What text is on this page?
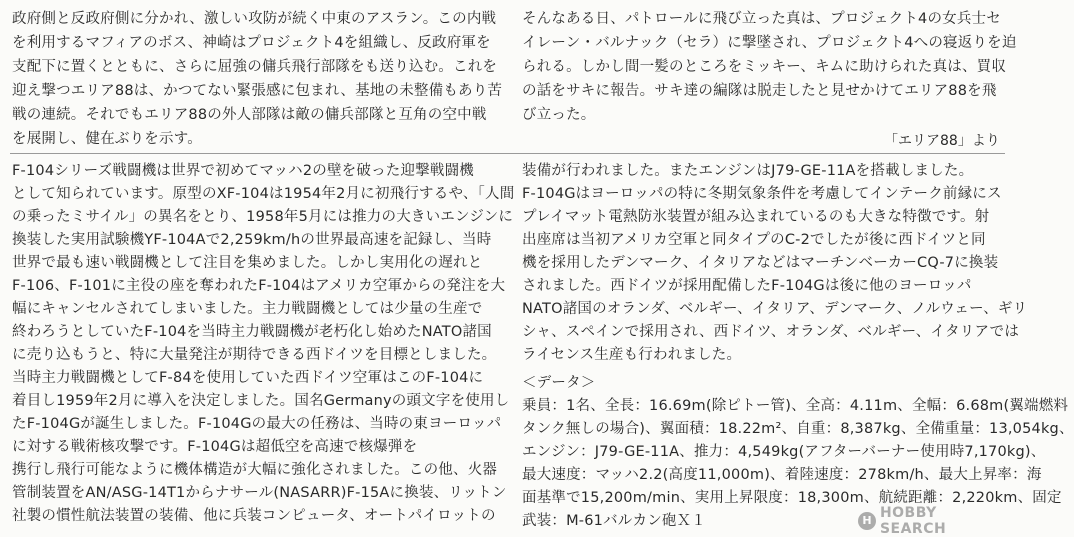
政府側と反政府側に分かれ、激しい攻防が続く中東のアスラン。この内戦
を利用するマフィアのボス、神崎はプロジェクト4を組織し、反政府軍を
支配下に置くとともに、さらに屈強の傭兵飛行部隊をも送り込む。これを
迎え撃つエリア88は、かつてない緊張感に包まれ、基地の未整備もあり苦
戦の連続。それでもエリア88の外人部隊は敵の傭兵部隊と互角の空中戦
を展開し、健在ぶりを示す。
そんなある日、パトロールに飛び立った真は、プロジェクト4の女兵士セ
イレーン・バルナック（セラ）に撃墜され、プロジェクト4への寝返りを迫
られる。しかし間一髪のところをミッキー、キムに助けられた真は、買収
の話をサキに報告。サキ達の編隊は脱走したと見せかけてエリア88を飛
び立った。
「エリア88」より
F-104シリーズ戦闘機は世界で初めてマッハ2の壁を破った迎撃戦闘機
として知られています。原型のXF-104は1954年2月に初飛行するや、「人間
の乗ったミサイル」の異名をとり、1958年5月には推力の大きいエンジンに
換装した実用試験機YF-104Aで2,259km/hの世界最高速を記録し、当時
世界で最も速い戦闘機として注目を集めました。しかし実用化の遅れと
F-106、F-101に主役の座を奪われたF-104はアメリカ空軍からの発注を大
幅にキャンセルされてしまいました。主力戦闘機としては少量の生産で
終わろうとしていたF-104を当時主力戦闘機が老朽化し始めたNATO諸国
に売り込もうと、特に大量発注が期待できる西ドイツを目標としました。
当時主力戦闘機としてF-84を使用していた西ドイツ空軍はこのF-104に
着目し1959年2月に導入を決定しました。国名Germanyの頭文字を使用し
たF-104Gが誕生しました。F-104Gの最大の任務は、当時の東ヨーロッパ
に対する戦術核攻撃です。F-104Gは超低空を高速で核爆弾を
携行し飛行可能なように機体構造が大幅に強化されました。この他、火器
管制装置をAN/ASG-14T1からナサール(NASARR)F-15Aに換装、リットン
社製の慣性航法装置の装備、他に兵装コンピュータ、オートパイロットの
装備が行われました。またエンジンはJ79-GE-11Aを搭載しました。
F-104Gはヨーロッパの特に冬期気象条件を考慮してインテーク前縁にス
プレイマット電熱防氷装置が組み込まれているのも大きな特徴です。射
出座席は当初アメリカ空軍と同タイプのC-2でしたが後に西ドイツと同
機を採用したデンマーク、イタリアなどはマーチンベーカーCQ-7に換装
されました。西ドイツが採用配備したF-104Gは後に他のヨーロッパ
NATO諸国のオランダ、ベルギー、イタリア、デンマーク、ノルウェー、ギリ
シャ、スペインで採用され、西ドイツ、オランダ、ベルギー、イタリアでは
ライセンス生産も行われました。
＜データ＞
乗員：1名、全長：16.69m(除ピトー管)、全高：4.11m、全幅：6.68m(翼端燃料
タンク無しの場合)、翼面積：18.22m²、自重：8,387kg、全備重量：13,054kg、
エンジン：J79-GE-11A、推力：4,549kg(アフターバーナー使用時7,170kg)、
最大速度：マッハ2.2(高度11,000m)、着陸速度：278km/h、最大上昇率：海
面基準で15,200m/min、実用上昇限度：18,300m、航続距離：2,220km、固定
武装：M-61バルカン砲Ｘ１	H HOBBY SEARCH
